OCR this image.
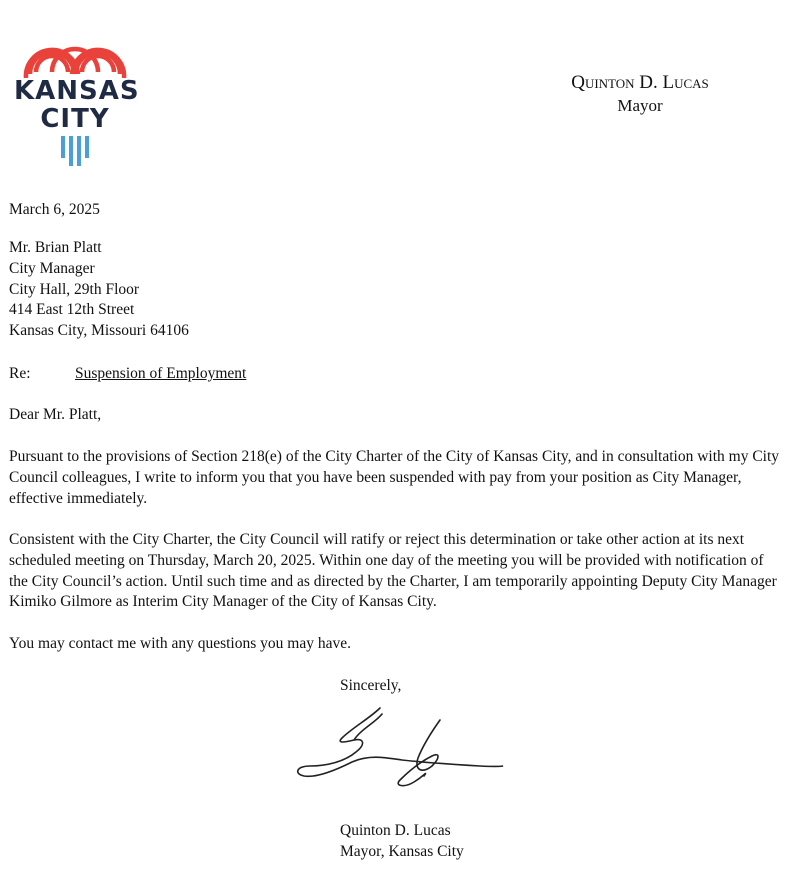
KANSAS
CITY
Quinton D. Lucas
Mayor
March 6, 2025
Mr. Brian Platt
City Manager
City Hall, 29th Floor
414 East 12th Street
Kansas City, Missouri 64106
Re:	Suspension of Employment
Dear Mr. Platt,
Pursuant to the provisions of Section 218(e) of the City Charter of the City of Kansas City, and in consultation with my City Council colleagues, I write to inform you that you have been suspended with pay from your position as City Manager, effective immediately.
Consistent with the City Charter, the City Council will ratify or reject this determination or take other action at its next scheduled meeting on Thursday, March 20, 2025. Within one day of the meeting you will be provided with notification of the City Council’s action. Until such time and as directed by the Charter, I am temporarily appointing Deputy City Manager Kimiko Gilmore as Interim City Manager of the City of Kansas City.
You may contact me with any questions you may have.
Sincerely,
Quinton D. Lucas
Mayor, Kansas City
